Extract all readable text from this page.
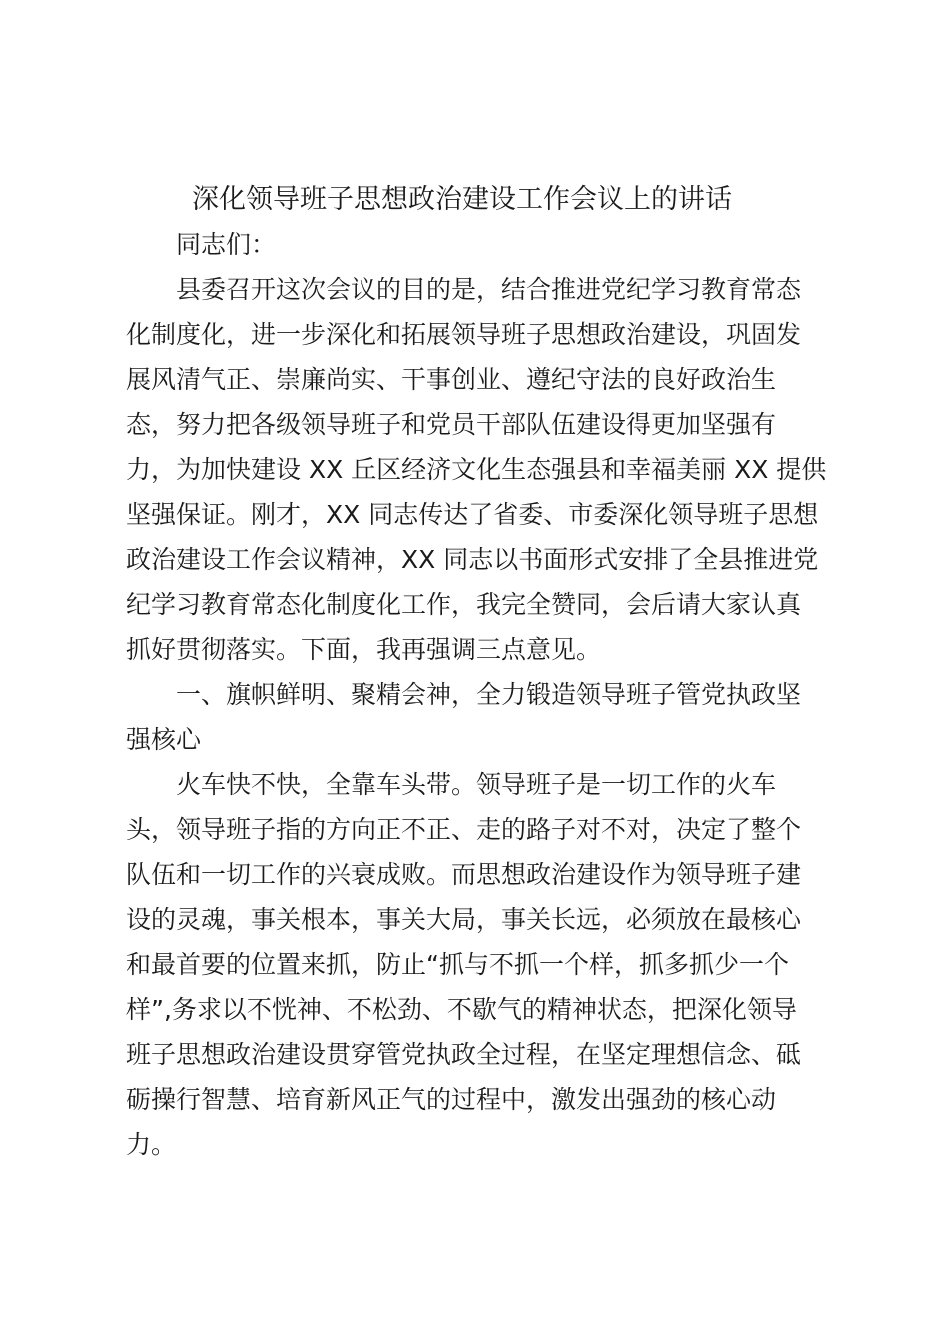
深化领导班子思想政治建设工作会议上的讲话
同志们：
县委召开这次会议的目的是，结合推进党纪学习教育常态
化制度化，进一步深化和拓展领导班子思想政治建设，巩固发
展风清气正、崇廉尚实、干事创业、遵纪守法的良好政治生
态，努力把各级领导班子和党员干部队伍建设得更加坚强有
力，为加快建设 XX 丘区经济文化生态强县和幸福美丽 XX 提供
坚强保证。刚才，XX 同志传达了省委、市委深化领导班子思想
政治建设工作会议精神，XX 同志以书面形式安排了全县推进党
纪学习教育常态化制度化工作，我完全赞同，会后请大家认真
抓好贯彻落实。下面，我再强调三点意见。
一、旗帜鲜明、聚精会神，全力锻造领导班子管党执政坚
强核心
火车快不快，全靠车头带。领导班子是一切工作的火车
头，领导班子指的方向正不正、走的路子对不对，决定了整个
队伍和一切工作的兴衰成败。而思想政治建设作为领导班子建
设的灵魂，事关根本，事关大局，事关长远，必须放在最核心
和最首要的位置来抓，防止“抓与不抓一个样，抓多抓少一个
样”,务求以不恍神、不松劲、不歇气的精神状态，把深化领导
班子思想政治建设贯穿管党执政全过程，在坚定理想信念、砥
砺操行智慧、培育新风正气的过程中，激发出强劲的核心动
力。
